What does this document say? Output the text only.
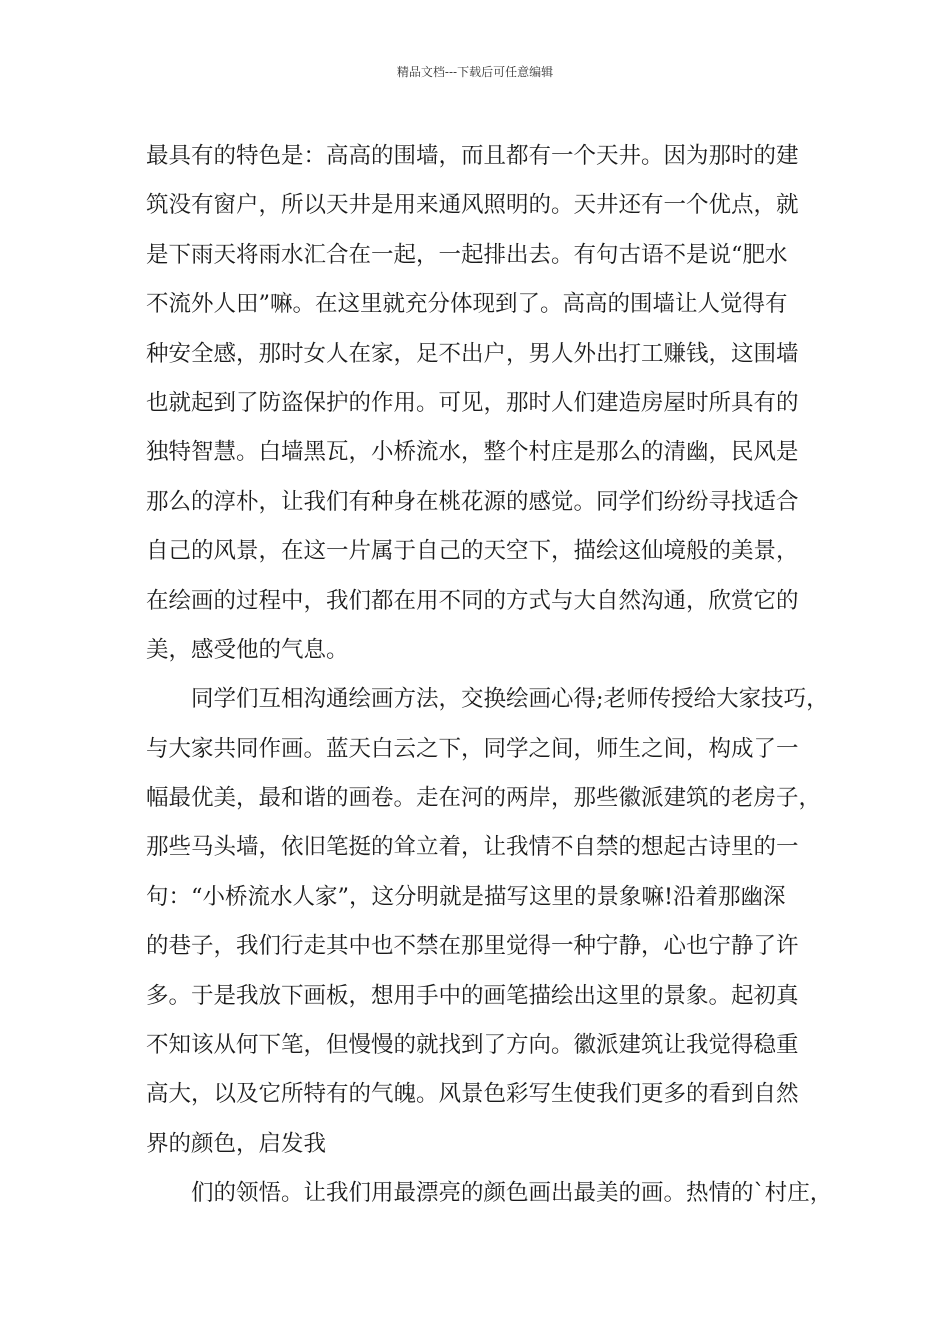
精品文档---下载后可任意编辑
最具有的特色是：高高的围墙，而且都有一个天井。因为那时的建
筑没有窗户，所以天井是用来通风照明的。天井还有一个优点，就
是下雨天将雨水汇合在一起，一起排出去。有句古语不是说“肥水
不流外人田”嘛。在这里就充分体现到了。高高的围墙让人觉得有
种安全感，那时女人在家，足不出户，男人外出打工赚钱，这围墙
也就起到了防盗保护的作用。可见，那时人们建造房屋时所具有的
独特智慧。白墙黑瓦，小桥流水，整个村庄是那么的清幽，民风是
那么的淳朴，让我们有种身在桃花源的感觉。同学们纷纷寻找适合
自己的风景，在这一片属于自己的天空下，描绘这仙境般的美景，
在绘画的过程中，我们都在用不同的方式与大自然沟通，欣赏它的
美，感受他的气息。
同学们互相沟通绘画方法，交换绘画心得;老师传授给大家技巧，
与大家共同作画。蓝天白云之下，同学之间，师生之间，构成了一
幅最优美，最和谐的画卷。走在河的两岸，那些徽派建筑的老房子，
那些马头墙，依旧笔挺的耸立着，让我情不自禁的想起古诗里的一
句：“小桥流水人家”，这分明就是描写这里的景象嘛!沿着那幽深
的巷子，我们行走其中也不禁在那里觉得一种宁静，心也宁静了许
多。于是我放下画板，想用手中的画笔描绘出这里的景象。起初真
不知该从何下笔，但慢慢的就找到了方向。徽派建筑让我觉得稳重
高大，以及它所特有的气魄。风景色彩写生使我们更多的看到自然
界的颜色，启发我
们的领悟。让我们用最漂亮的颜色画出最美的画。热情的`村庄，
